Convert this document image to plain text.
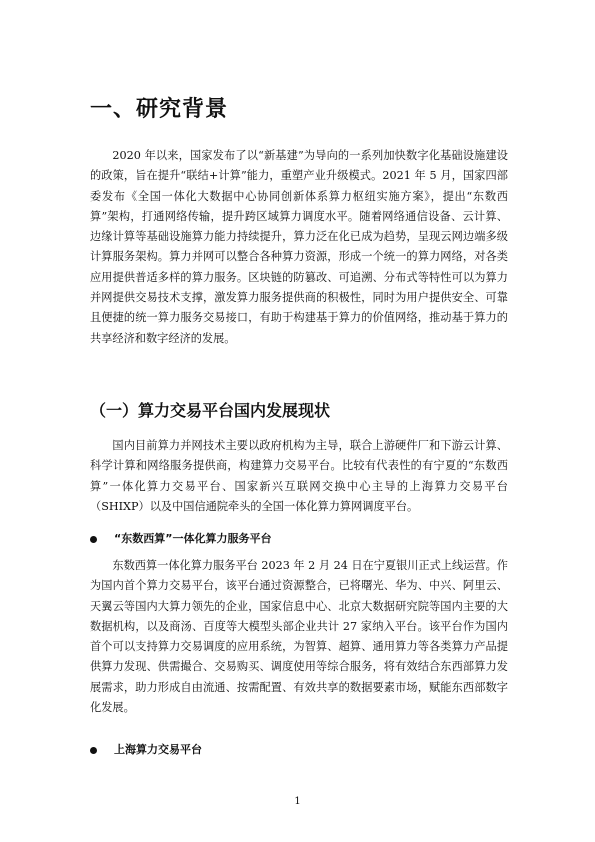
一、研究背景

2020 年以来，国家发布了以“新基建”为导向的一系列加快数字化基础设施建设的政策，旨在提升“联结+计算”能力，重塑产业升级模式。2021 年 5 月，国家四部委发布《全国一体化大数据中心协同创新体系算力枢纽实施方案》，提出“东数西算”架构，打通网络传输，提升跨区域算力调度水平。随着网络通信设备、云计算、边缘计算等基础设施算力能力持续提升，算力泛在化已成为趋势，呈现云网边端多级计算服务架构。算力并网可以整合各种算力资源，形成一个统一的算力网络，对各类应用提供普适多样的算力服务。区块链的防篡改、可追溯、分布式等特性可以为算力并网提供交易技术支撑，激发算力服务提供商的积极性，同时为用户提供安全、可靠且便捷的统一算力服务交易接口，有助于构建基于算力的价值网络，推动基于算力的共享经济和数字经济的发展。

（一）算力交易平台国内发展现状

国内目前算力并网技术主要以政府机构为主导，联合上游硬件厂和下游云计算、科学计算和网络服务提供商，构建算力交易平台。比较有代表性的有宁夏的“东数西算”一体化算力交易平台、国家新兴互联网交换中心主导的上海算力交易平台（SHIXP）以及中国信通院牵头的全国一体化算力算网调度平台。

“东数西算”一体化算力服务平台

东数西算一体化算力服务平台 2023 年 2 月 24 日在宁夏银川正式上线运营。作为国内首个算力交易平台，该平台通过资源整合，已将曙光、华为、中兴、阿里云、天翼云等国内大算力领先的企业，国家信息中心、北京大数据研究院等国内主要的大数据机构，以及商汤、百度等大模型头部企业共计 27 家纳入平台。该平台作为国内首个可以支持算力交易调度的应用系统，为智算、超算、通用算力等各类算力产品提供算力发现、供需撮合、交易购买、调度使用等综合服务，将有效结合东西部算力发展需求，助力形成自由流通、按需配置、有效共享的数据要素市场，赋能东西部数字化发展。

上海算力交易平台
1
